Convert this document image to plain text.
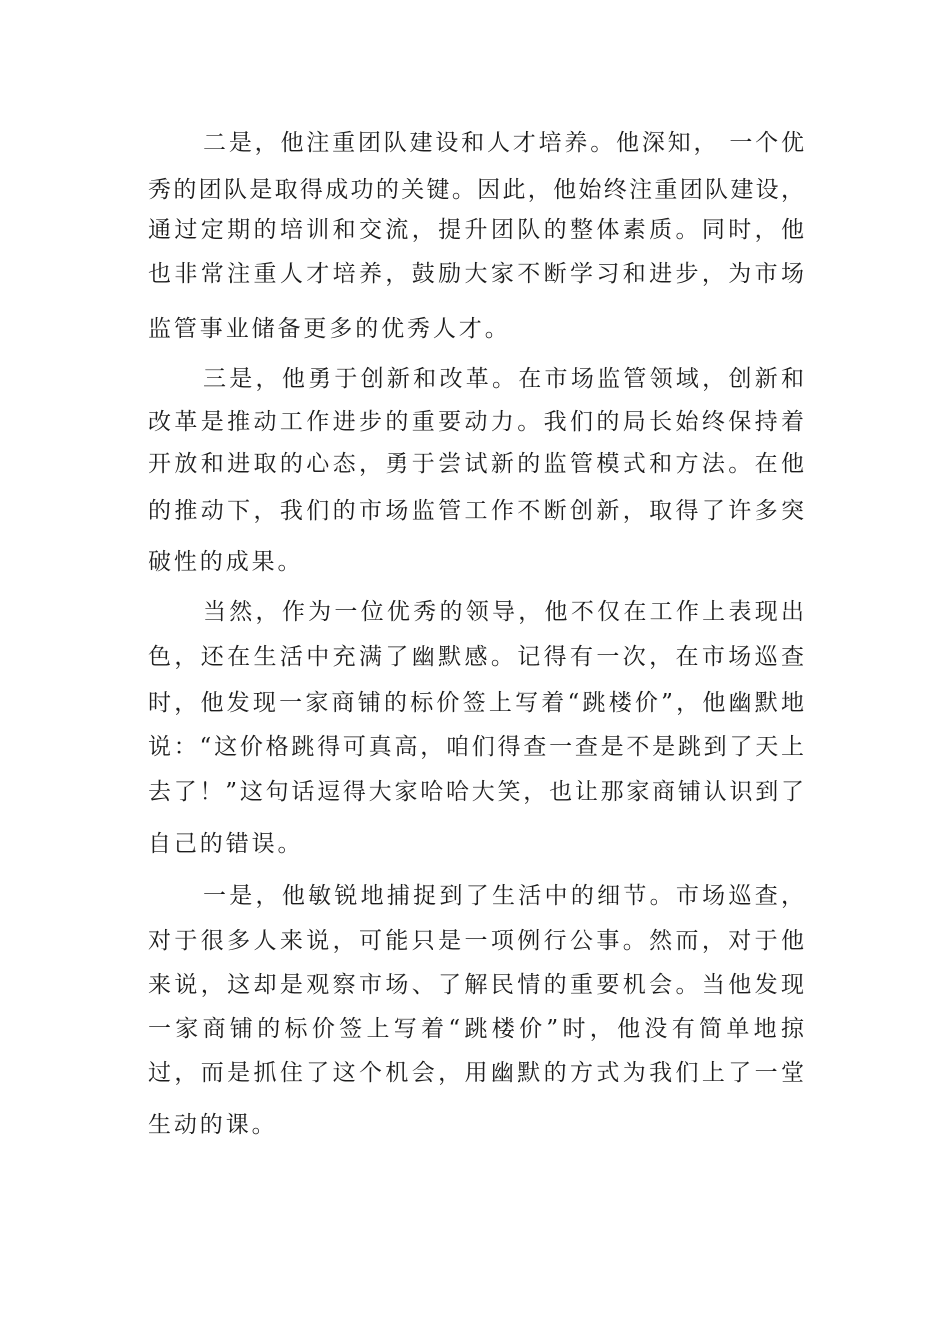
二是，他注重团队建设和人才培养。他深知， 一个优
秀的团队是取得成功的关键。因此，他始终注重团队建设，
通过定期的培训和交流，提升团队的整体素质。同时，他
也非常注重人才培养，鼓励大家不断学习和进步，为市场
监管事业储备更多的优秀人才。
三是，他勇于创新和改革。在市场监管领域，创新和
改革是推动工作进步的重要动力。我们的局长始终保持着
开放和进取的心态，勇于尝试新的监管模式和方法。在他
的推动下，我们的市场监管工作不断创新，取得了许多突
破性的成果。
当然，作为一位优秀的领导，他不仅在工作上表现出
色，还在生活中充满了幽默感。记得有一次，在市场巡查
时，他发现一家商铺的标价签上写着“跳楼价”，他幽默地
说：“这价格跳得可真高，咱们得查一查是不是跳到了天上
去了！”这句话逗得大家哈哈大笑，也让那家商铺认识到了
自己的错误。
一是，他敏锐地捕捉到了生活中的细节。市场巡查，
对于很多人来说，可能只是一项例行公事。然而，对于他
来说，这却是观察市场、了解民情的重要机会。当他发现
一家商铺的标价签上写着“跳楼价”时，他没有简单地掠
过，而是抓住了这个机会，用幽默的方式为我们上了一堂
生动的课。
